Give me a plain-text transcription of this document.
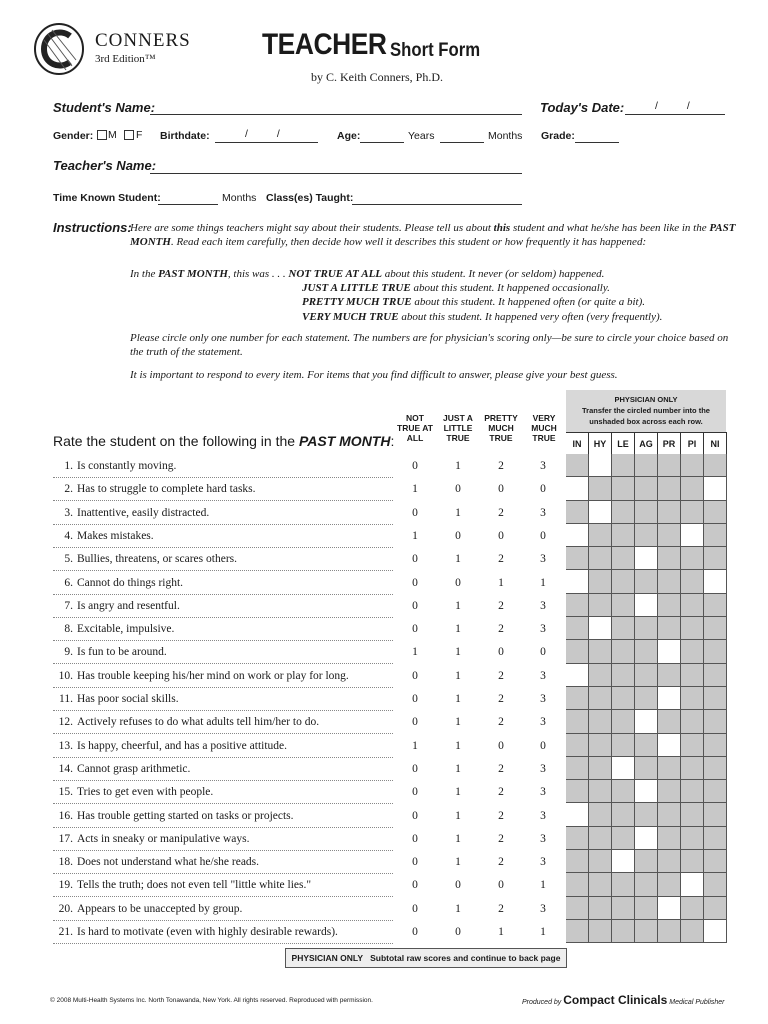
CONNERS
3rd Edition™	TEACHER Short Form
by C. Keith Conners, Ph.D.
Student's Name:	Today's Date:	/ /
Gender: M F Birthdate:	/ /	Age:	Years	Months Grade:
Teacher's Name:
Time Known Student:	Months Class(es) Taught:
Instructions:
Here are some things teachers might say about their students. Please tell us about this student and what he/she has been like in the PAST MONTH. Read each item carefully, then decide how well it describes this student or how frequently it has happened:
In the PAST MONTH, this was . . . NOT TRUE AT ALL about this student. It never (or seldom) happened.
JUST A LITTLE TRUE about this student. It happened occasionally.
PRETTY MUCH TRUE about this student. It happened often (or quite a bit).
VERY MUCH TRUE about this student. It happened very often (very frequently).
Please circle only one number for each statement. The numbers are for physician's scoring only—be sure to circle your choice based on the truth of the statement.
It is important to respond to every item. For items that you find difficult to answer, please give your best guess.
Rate the student on the following in the PAST MONTH:
NOT TRUE AT ALL
JUST A LITTLE TRUE
PRETTY MUCH TRUE
VERY MUCH TRUE
PHYSICIAN ONLY
Transfer the circled number into the unshaded box across each row.
IN	HY	LE	AG	PR	PI	NI
1. Is constantly moving.	0	1	2	3
2. Has to struggle to complete hard tasks.	1	0	0	0
3. Inattentive, easily distracted.	0	1	2	3
4. Makes mistakes.	1	0	0	0
5. Bullies, threatens, or scares others.	0	1	2	3
6. Cannot do things right.	0	0	1	1
7. Is angry and resentful.	0	1	2	3
8. Excitable, impulsive.	0	1	2	3
9. Is fun to be around.	1	1	0	0
10. Has trouble keeping his/her mind on work or play for long.	0	1	2	3
11. Has poor social skills.	0	1	2	3
12. Actively refuses to do what adults tell him/her to do.	0	1	2	3
13. Is happy, cheerful, and has a positive attitude.	1	1	0	0
14. Cannot grasp arithmetic.	0	1	2	3
15. Tries to get even with people.	0	1	2	3
16. Has trouble getting started on tasks or projects.	0	1	2	3
17. Acts in sneaky or manipulative ways.	0	1	2	3
18. Does not understand what he/she reads.	0	1	2	3
19. Tells the truth; does not even tell "little white lies."	0	0	0	1
20. Appears to be unaccepted by group.	0	1	2	3
21. Is hard to motivate (even with highly desirable rewards).	0	0	1	1
PHYSICIAN ONLY Subtotal raw scores and continue to back page
© 2008 Multi-Health Systems Inc. North Tonawanda, New York. All rights reserved. Reproduced with permission.	Produced by Compact Clinicals Medical Publisher
